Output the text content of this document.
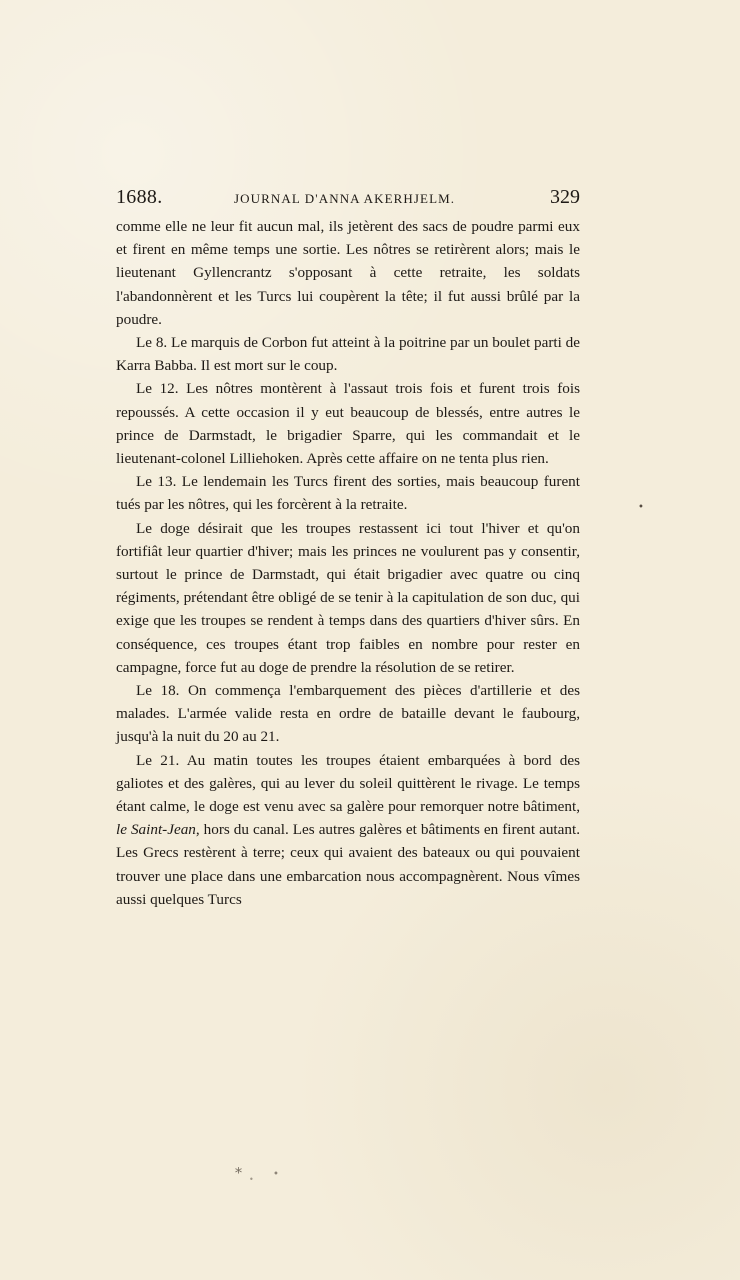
1688.	JOURNAL D'ANNA AKERHJELM.	329

comme elle ne leur fit aucun mal, ils jetèrent des sacs de poudre parmi eux et firent en même temps une sortie. Les nôtres se retirèrent alors; mais le lieutenant Gyllencrantz s'opposant à cette retraite, les soldats l'abandonnèrent et les Turcs lui coupèrent la tête; il fut aussi brûlé par la poudre.

Le 8. Le marquis de Corbon fut atteint à la poitrine par un boulet parti de Karra Babba. Il est mort sur le coup.

Le 12. Les nôtres montèrent à l'assaut trois fois et furent trois fois repoussés. A cette occasion il y eut beaucoup de blessés, entre autres le prince de Darmstadt, le brigadier Sparre, qui les commandait et le lieutenant-colonel Lilliehoken. Après cette affaire on ne tenta plus rien.

Le 13. Le lendemain les Turcs firent des sorties, mais beaucoup furent tués par les nôtres, qui les forcèrent à la retraite.

Le doge désirait que les troupes restassent ici tout l'hiver et qu'on fortifiât leur quartier d'hiver; mais les princes ne voulurent pas y consentir, surtout le prince de Darmstadt, qui était brigadier avec quatre ou cinq régiments, prétendant être obligé de se tenir à la capitulation de son duc, qui exige que les troupes se rendent à temps dans des quartiers d'hiver sûrs. En conséquence, ces troupes étant trop faibles en nombre pour rester en campagne, force fut au doge de prendre la résolution de se retirer.

Le 18. On commença l'embarquement des pièces d'artillerie et des malades. L'armée valide resta en ordre de bataille devant le faubourg, jusqu'à la nuit du 20 au 21.

Le 21. Au matin toutes les troupes étaient embarquées à bord des galiotes et des galères, qui au lever du soleil quittèrent le rivage. Le temps étant calme, le doge est venu avec sa galère pour remorquer notre bâtiment, le Saint-Jean, hors du canal. Les autres galères et bâtiments en firent autant. Les Grecs restèrent à terre; ceux qui avaient des bateaux ou qui pouvaient trouver une place dans une embarcation nous accompagnèrent. Nous vîmes aussi quelques Turcs

•
⁎	•
•
